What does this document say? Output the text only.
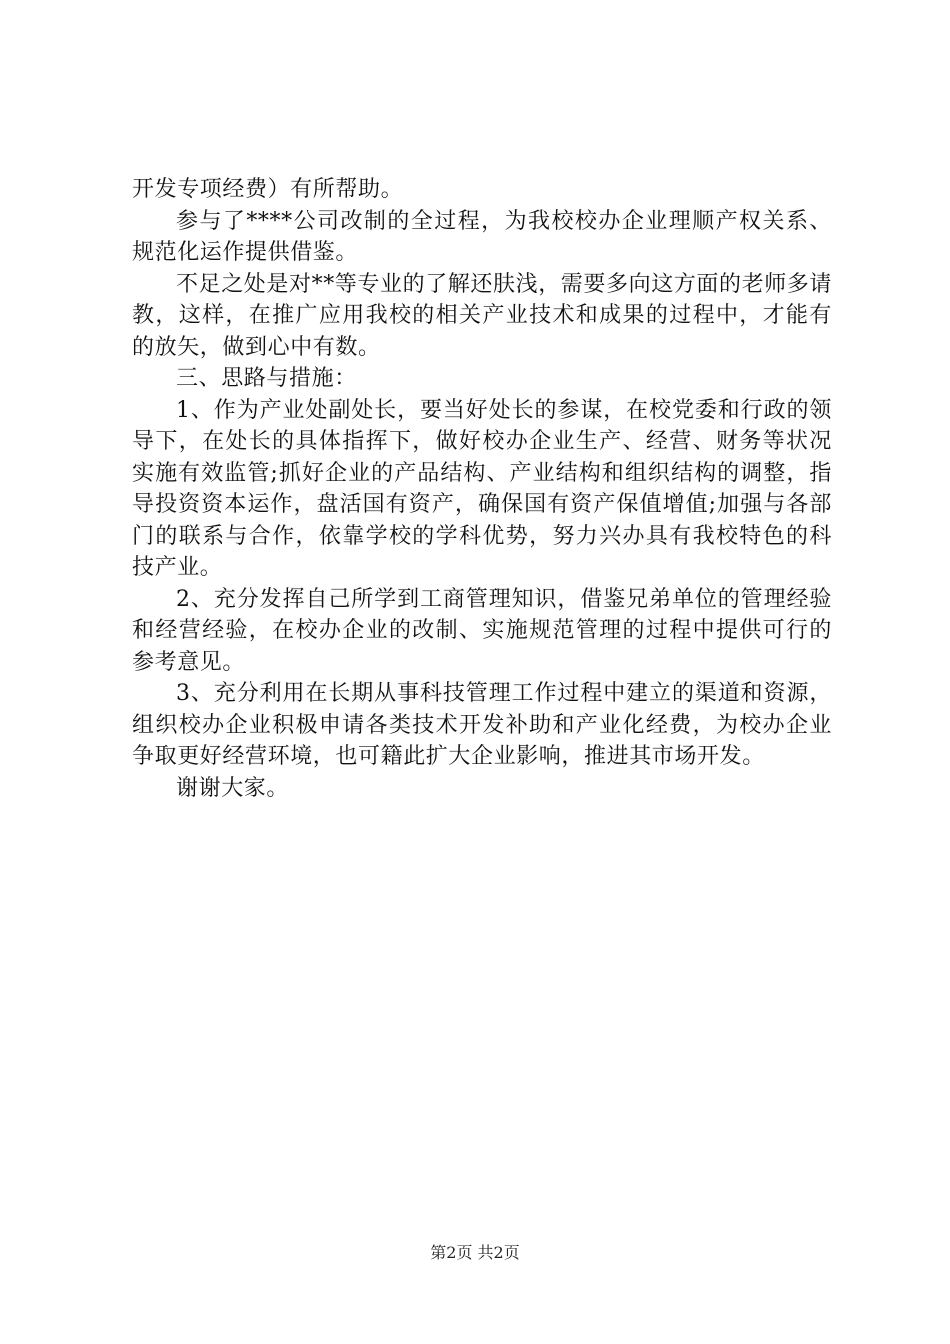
开发专项经费）有所帮助。

参与了****公司改制的全过程，为我校校办企业理顺产权关系、规范化运作提供借鉴。

不足之处是对**等专业的了解还肤浅，需要多向这方面的老师多请教，这样，在推广应用我校的相关产业技术和成果的过程中，才能有的放矢，做到心中有数。

三、思路与措施：

1、作为产业处副处长，要当好处长的参谋，在校党委和行政的领导下，在处长的具体指挥下，做好校办企业生产、经营、财务等状况实施有效监管;抓好企业的产品结构、产业结构和组织结构的调整，指导投资资本运作，盘活国有资产，确保国有资产保值增值;加强与各部门的联系与合作，依靠学校的学科优势，努力兴办具有我校特色的科技产业。

2、充分发挥自己所学到工商管理知识，借鉴兄弟单位的管理经验和经营经验，在校办企业的改制、实施规范管理的过程中提供可行的参考意见。

3、充分利用在长期从事科技管理工作过程中建立的渠道和资源，组织校办企业积极申请各类技术开发补助和产业化经费，为校办企业争取更好经营环境，也可籍此扩大企业影响，推进其市场开发。

谢谢大家。

第2页 共2页
